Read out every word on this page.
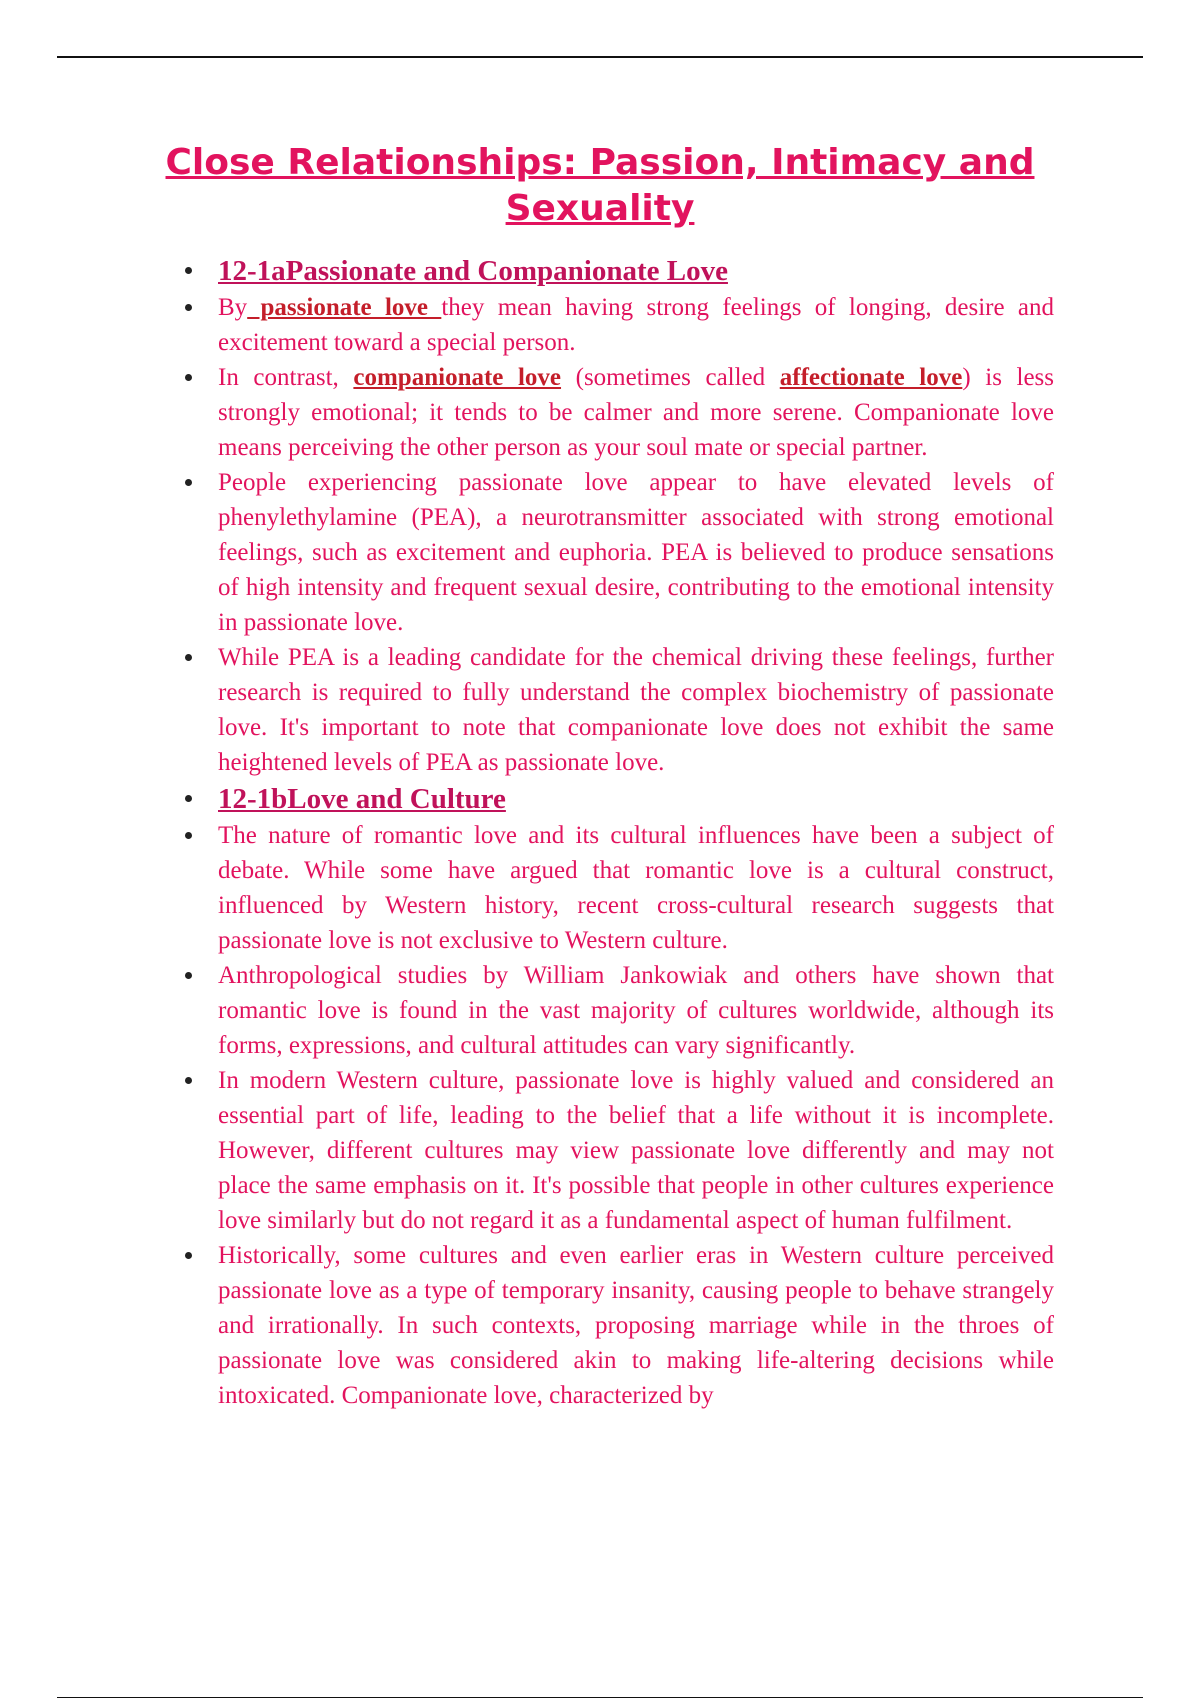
Close Relationships: Passion, Intimacy and Sexuality
12-1aPassionate and Companionate Love
By passionate love they mean having strong feelings of longing, desire and excitement toward a special person.
In contrast, companionate love (sometimes called affectionate love) is less strongly emotional; it tends to be calmer and more serene. Companionate love means perceiving the other person as your soul mate or special partner.
People experiencing passionate love appear to have elevated levels of phenylethylamine (PEA), a neurotransmitter associated with strong emotional feelings, such as excitement and euphoria. PEA is believed to produce sensations of high intensity and frequent sexual desire, contributing to the emotional intensity in passionate love.
While PEA is a leading candidate for the chemical driving these feelings, further research is required to fully understand the complex biochemistry of passionate love. It's important to note that companionate love does not exhibit the same heightened levels of PEA as passionate love.
12-1bLove and Culture
The nature of romantic love and its cultural influences have been a subject of debate. While some have argued that romantic love is a cultural construct, influenced by Western history, recent cross-cultural research suggests that passionate love is not exclusive to Western culture.
Anthropological studies by William Jankowiak and others have shown that romantic love is found in the vast majority of cultures worldwide, although its forms, expressions, and cultural attitudes can vary significantly.
In modern Western culture, passionate love is highly valued and considered an essential part of life, leading to the belief that a life without it is incomplete. However, different cultures may view passionate love differently and may not place the same emphasis on it. It's possible that people in other cultures experience love similarly but do not regard it as a fundamental aspect of human fulfilment.
Historically, some cultures and even earlier eras in Western culture perceived passionate love as a type of temporary insanity, causing people to behave strangely and irrationally. In such contexts, proposing marriage while in the throes of passionate love was considered akin to making life-altering decisions while intoxicated. Companionate love, characterized by
